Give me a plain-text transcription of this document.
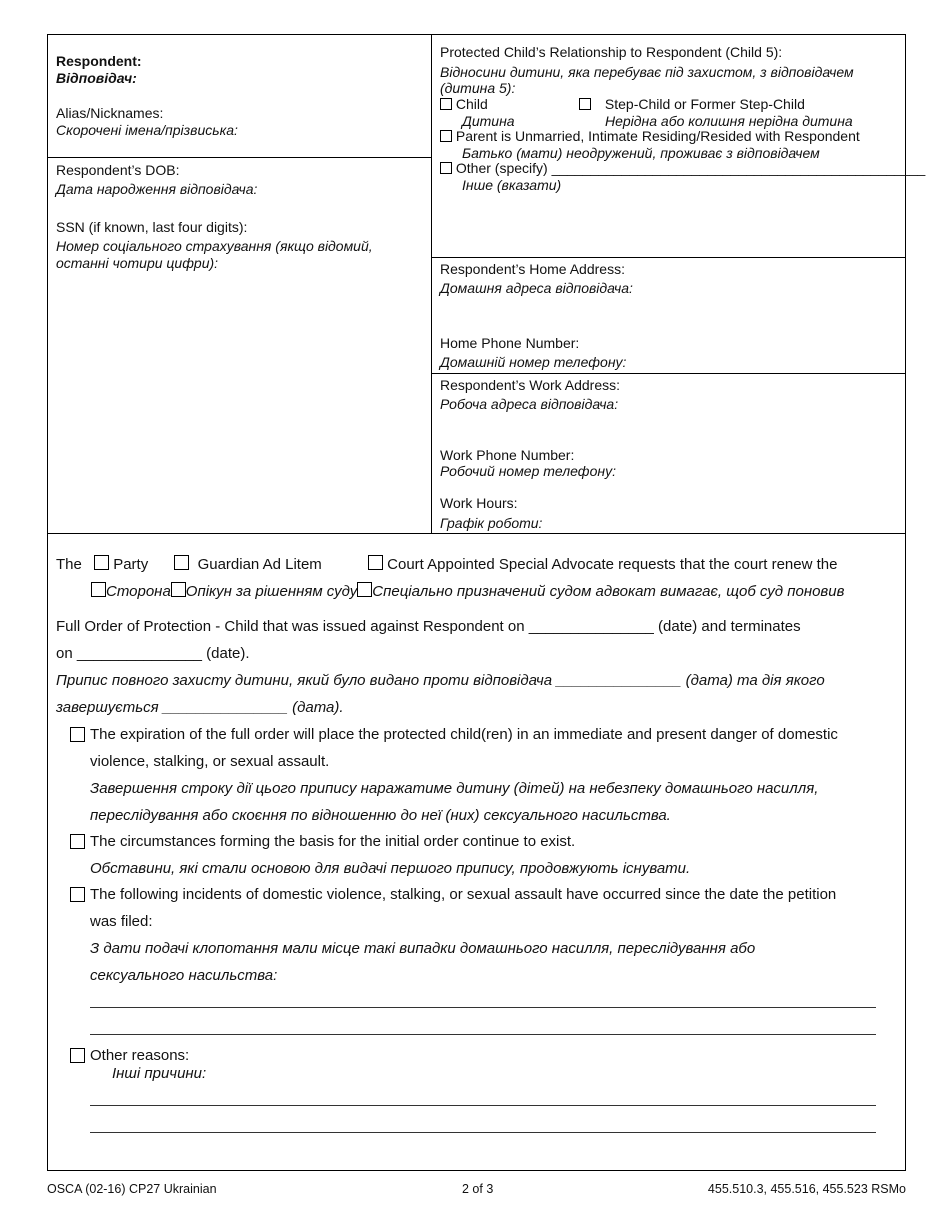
Respondent:
Відповідач:
Alias/Nicknames:
Скорочені імена/прізвиська:
Respondent’s DOB:
Дата народження відповідача:
SSN (if known, last four digits):
Номер соціального страхування (якщо відомий,
останні чотири цифри):
Protected Child’s Relationship to Respondent (Child 5):
Відносини дитини, яка перебуває під захистом, з відповідачем
(дитина 5):
Child
Дитина
Step-Child or Former Step-Child
Нерідна або колишня нерідна дитина
Parent is Unmarried, Intimate Residing/Resided with Respondent
Батько (мати) неодружений, проживає з відповідачем
Other (specify) ________________________________________________
Інше (вказати)
Respondent’s Home Address:
Домашня адреса відповідача:
Home Phone Number:
Домашній номер телефону:
Respondent’s Work Address:
Робоча адреса відповідача:
Work Phone Number:
Робочий номер телефону:
Work Hours:
Графік роботи:
The Party	Guardian Ad Litem	Court Appointed Special Advocate requests that the court renew the
Сторона Опікун за рішенням суду Спеціально призначений судом адвокат вимагає, щоб суд поновив
Full Order of Protection - Child that was issued against Respondent on _______________ (date) and terminates
on _______________ (date).
Припис повного захисту дитини, який було видано проти відповідача _______________ (дата) та дія якого
завершується _______________ (дата).
The expiration of the full order will place the protected child(ren) in an immediate and present danger of domestic
violence, stalking, or sexual assault.
Завершення строку дії цього припису наражатиме дитину (дітей) на небезпеку домашнього насилля,
переслідування або скоєння по відношенню до неї (них) сексуального насильства.
The circumstances forming the basis for the initial order continue to exist.
Обставини, які стали основою для видачі першого припису, продовжують існувати.
The following incidents of domestic violence, stalking, or sexual assault have occurred since the date the petition
was filed:
З дати подачі клопотання мали місце такі випадки домашнього насилля, переслідування або
сексуального насильства:
Other reasons:
Інші причини:
OSCA (02-16) CP27 Ukrainian	2 of 3	455.510.3, 455.516, 455.523 RSMo
